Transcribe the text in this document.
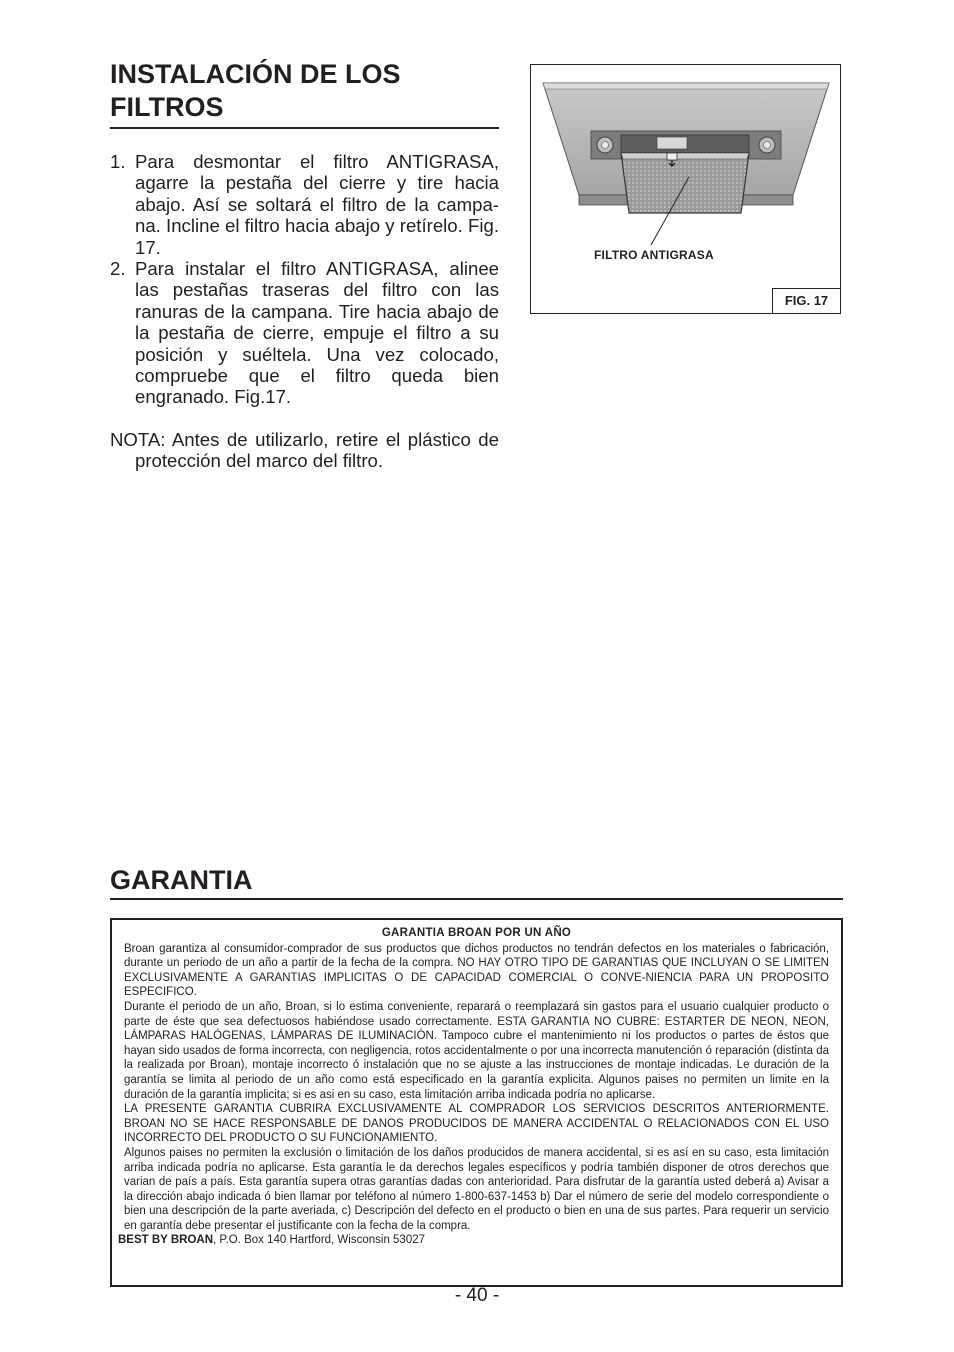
INSTALACIÓN DE LOS FILTROS
1. Para desmontar el filtro ANTIGRASA, agarre la pestaña del cierre y tire hacia abajo. Así se soltará el filtro de la campa-na. Incline el filtro hacia abajo y retírelo. Fig. 17.
2. Para instalar el filtro ANTIGRASA, alinee las pestañas traseras del filtro con las ranuras de la campana. Tire hacia abajo de la pestaña de cierre, empuje el filtro a su posición y suéltela. Una vez colocado, compruebe que el filtro queda bien engranado. Fig.17.
NOTA: Antes de utilizarlo, retire el plástico de protección del marco del filtro.
FILTRO ANTIGRASA
FIG. 17
GARANTIA
GARANTIA BROAN POR UN AÑO

Broan garantiza al consumidor-comprador de sus productos que dichos productos no tendrán defectos en los materiales o fabricación, durante un periodo de un año a partir de la fecha de la compra. NO HAY OTRO TIPO DE GARANTIAS QUE INCLUYAN O SE LIMITEN EXCLUSIVAMENTE A GARANTIAS IMPLICITAS O DE CAPACIDAD COMERCIAL O CONVE-NIENCIA PARA UN PROPOSITO ESPECIFICO.

Durante el periodo de un año, Broan, si lo estima conveniente, reparará o reemplazará sin gastos para el usuario cualquier producto o parte de éste que sea defectuosos habiéndose usado correctamente. ESTA GARANTIA NO CUBRE: ESTARTER DE NEON, NEON, LÁMPARAS HALÓGENAS, LÁMPARAS DE ILUMINACIÓN. Tampoco cubre el mantenimiento ni los productos o partes de éstos que hayan sido usados de forma incorrecta, con negligencia, rotos accidentalmente o por una incorrecta manutención ó reparación (distinta da la realizada por Broan), montaje incorrecto ó instalación que no se ajuste a las instrucciones de montaje indicadas. Le duración de la garantía se limita al periodo de un año como está especificado en la garantía explicita. Algunos paises no permiten un limite en la duración de la garantía implicita; si es asi en su caso, esta limitación arriba indicada podría no aplicarse.

LA PRESENTE GARANTIA CUBRIRA EXCLUSIVAMENTE AL COMPRADOR LOS SERVICIOS DESCRITOS ANTERIORMENTE. BROAN NO SE HACE RESPONSABLE DE DANOS PRODUCIDOS DE MANERA ACCIDENTAL O RELACIONADOS CON EL USO INCORRECTO DEL PRODUCTO O SU FUNCIONAMIENTO.

Algunos paises no permiten la exclusión o limitación de los daños producidos de manera accidental, si es así en su caso, esta limitación arriba indicada podría no aplicarse. Esta garantía le da derechos legales específicos y podría también disponer de otros derechos que varian de país a país. Esta garantía supera otras garantías dadas con anterioridad. Para disfrutar de la garantía usted deberá a) Avisar a la dirección abajo indicada ó bien llamar por teléfono al número 1-800-637-1453 b) Dar el número de serie del modelo correspondiente o bien una descripción de la parte averiada, c) Descripción del defecto en el producto o bien en una de sus partes. Para requerir un servicio en garantía debe presentar el justificante con la fecha de la compra.

BEST BY BROAN, P.O. Box 140 Hartford, Wisconsin 53027

- 40 -
